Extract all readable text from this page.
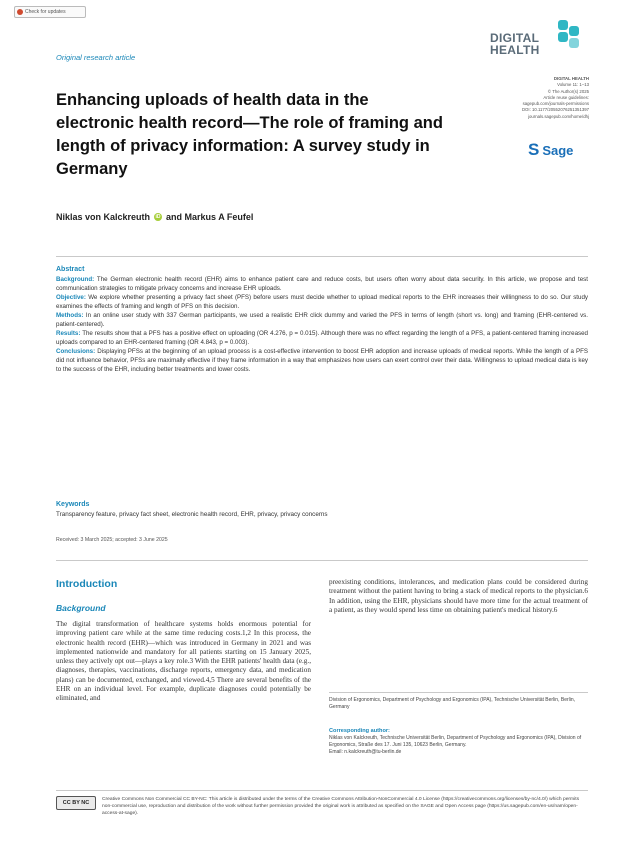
Check for updates
Original research article
DIGITAL
HEALTH
DIGITAL HEALTH
Volume 11: 1–13
© The Author(s) 2025
Article reuse guidelines:
sagepub.com/journals-permissions
DOI: 10.1177/20552076251351397
journals.sagepub.com/home/dhj
S Sage
Enhancing uploads of health data in the electronic health record—The role of framing and length of privacy information: A survey study in Germany
Niklas von Kalckreuth	iD and Markus A Feufel
Abstract

Background: The German electronic health record (EHR) aims to enhance patient care and reduce costs, but users often worry about data security. In this article, we propose and test communication strategies to mitigate privacy concerns and increase EHR uploads.

Objective: We explore whether presenting a privacy fact sheet (PFS) before users must decide whether to upload medical reports to the EHR increases their willingness to do so. Our study examines the effects of framing and length of PFS on this decision.

Methods: In an online user study with 337 German participants, we used a realistic EHR click dummy and varied the PFS in terms of length (short vs. long) and framing (EHR-centered vs. patient-centered).

Results: The results show that a PFS has a positive effect on uploading (OR 4.276, p = 0.015). Although there was no effect regarding the length of a PFS, a patient-centered framing increased uploads compared to an EHR-centered framing (OR 4.843, p = 0.003).

Conclusions: Displaying PFSs at the beginning of an upload process is a cost-effective intervention to boost EHR adoption and increase uploads of medical reports. While the length of a PFS did not influence behavior, PFSs are maximally effective if they frame information in a way that emphasizes how users can exert control over their data. Willingness to upload medical data is key to the success of the EHR, including better treatments and lower costs.

Keywords
Transparency feature, privacy fact sheet, electronic health record, EHR, privacy, privacy concerns
Received: 3 March 2025; accepted: 3 June 2025
Introduction
Background

The digital transformation of healthcare systems holds enormous potential for improving patient care while at the same time reducing costs.1,2 In this process, the electronic health record (EHR)—which was introduced in Germany in 2021 and was implemented nationwide and mandatory for all patients starting on 15 January 2025, unless they actively opt out—plays a key role.3 With the EHR patients' health data (e.g., diagnoses, therapies, vaccinations, discharge reports, emergency data, and medication plans) can be documented, exchanged, and viewed.4,5 There are several benefits of the EHR on an individual level. For example, duplicate diagnoses could potentially be eliminated, and

preexisting conditions, intolerances, and medication plans could be considered during treatment without the patient having to bring a stack of medical reports to the physician.6 In addition, using the EHR, physicians should have more time for the actual treatment of a patient, as they would spend less time on obtaining patient's medical history.6

Division of Ergonomics, Department of Psychology and Ergonomics (IPA), Technische Universität Berlin, Berlin, Germany
Corresponding author:
Niklas von Kalckreuth, Technische Universität Berlin, Department of Psychology and Ergonomics (IPA), Division of Ergonomics, Straße des 17. Juni 135, 10623 Berlin, Germany.
Email: n.kalckreuth@tu-berlin.de
CC BY NC	Creative Commons Non Commercial CC BY-NC: This article is distributed under the terms of the Creative Commons Attribution-NonCommercial 4.0 License (https://creativecommons.org/licenses/by-nc/4.0/) which permits non-commercial use, reproduction and distribution of the work without further permission provided the original work is attributed as specified on the SAGE and Open Access page (https://us.sagepub.com/en-us/nam/open-access-at-sage).
